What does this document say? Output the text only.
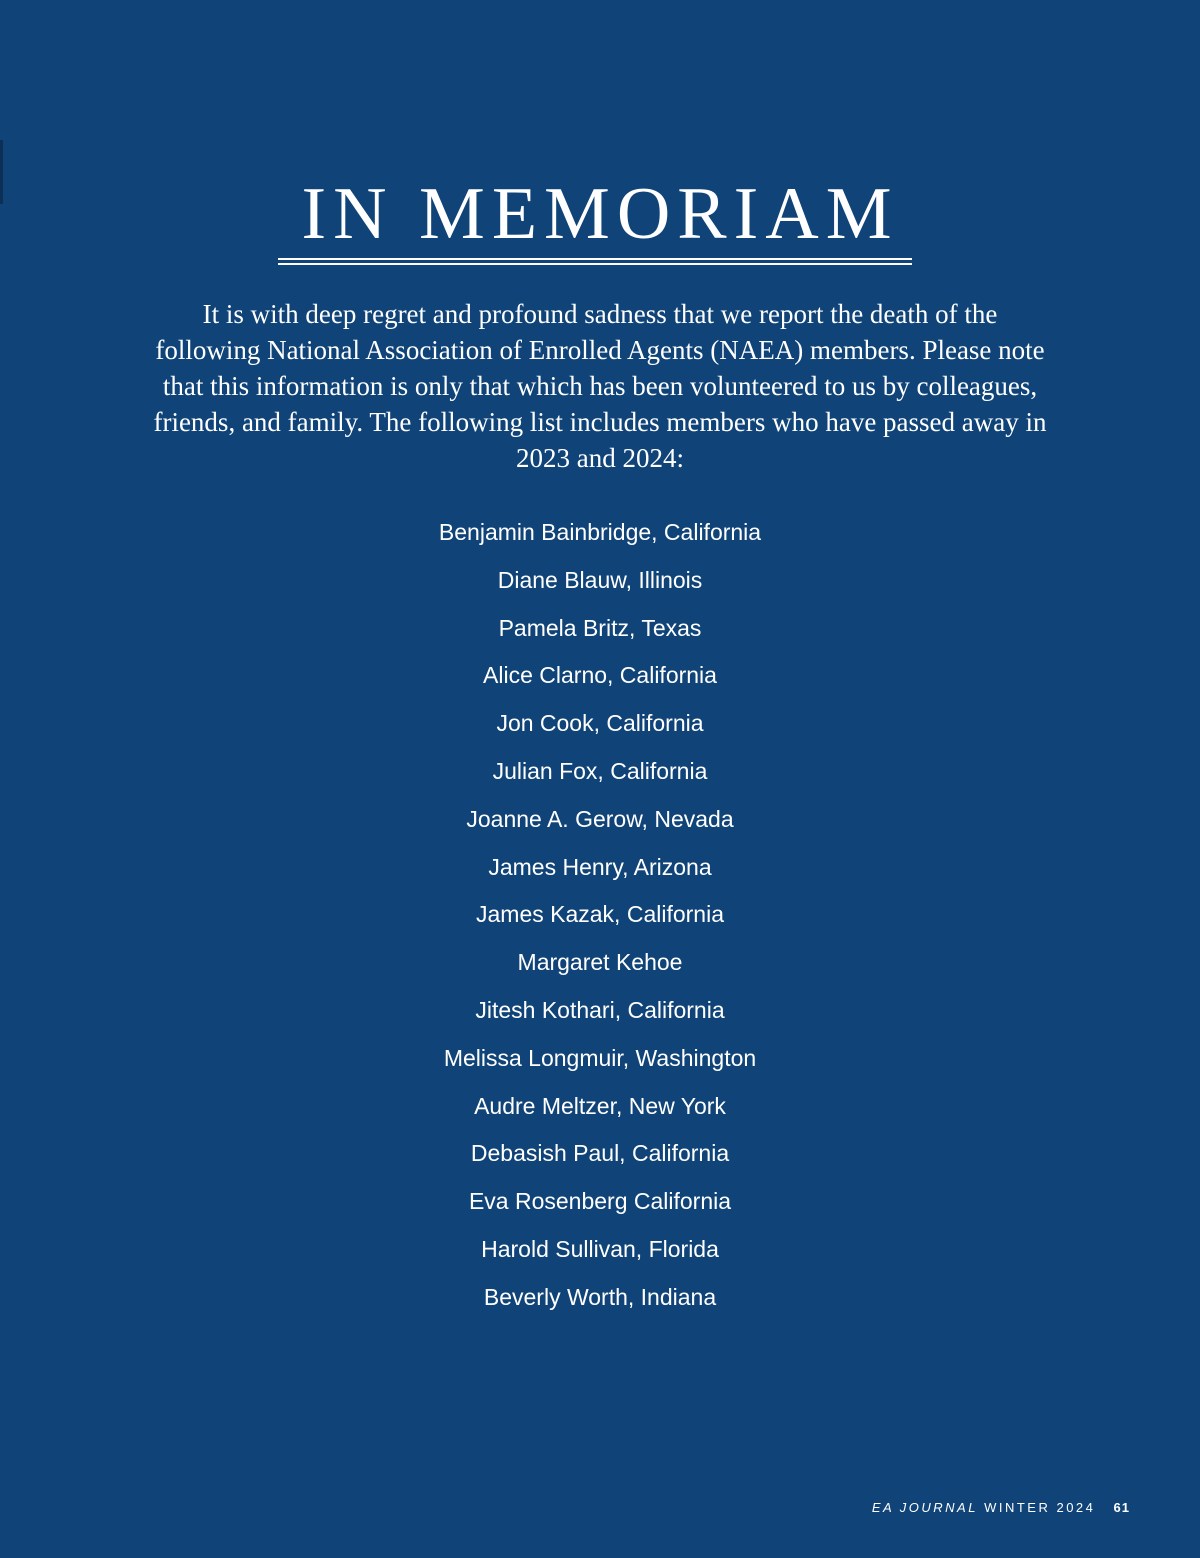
IN MEMORIAM

It is with deep regret and profound sadness that we report the death of the following National Association of Enrolled Agents (NAEA) members. Please note that this information is only that which has been volunteered to us by colleagues, friends, and family. The following list includes members who have passed away in 2023 and 2024:

Benjamin Bainbridge, California
Diane Blauw, Illinois
Pamela Britz, Texas
Alice Clarno, California
Jon Cook, California
Julian Fox, California
Joanne A. Gerow, Nevada
James Henry, Arizona
James Kazak, California
Margaret Kehoe
Jitesh Kothari, California
Melissa Longmuir, Washington
Audre Meltzer, New York
Debasish Paul, California
Eva Rosenberg California
Harold Sullivan, Florida
Beverly Worth, Indiana
EA JOURNAL WINTER 2024 61
